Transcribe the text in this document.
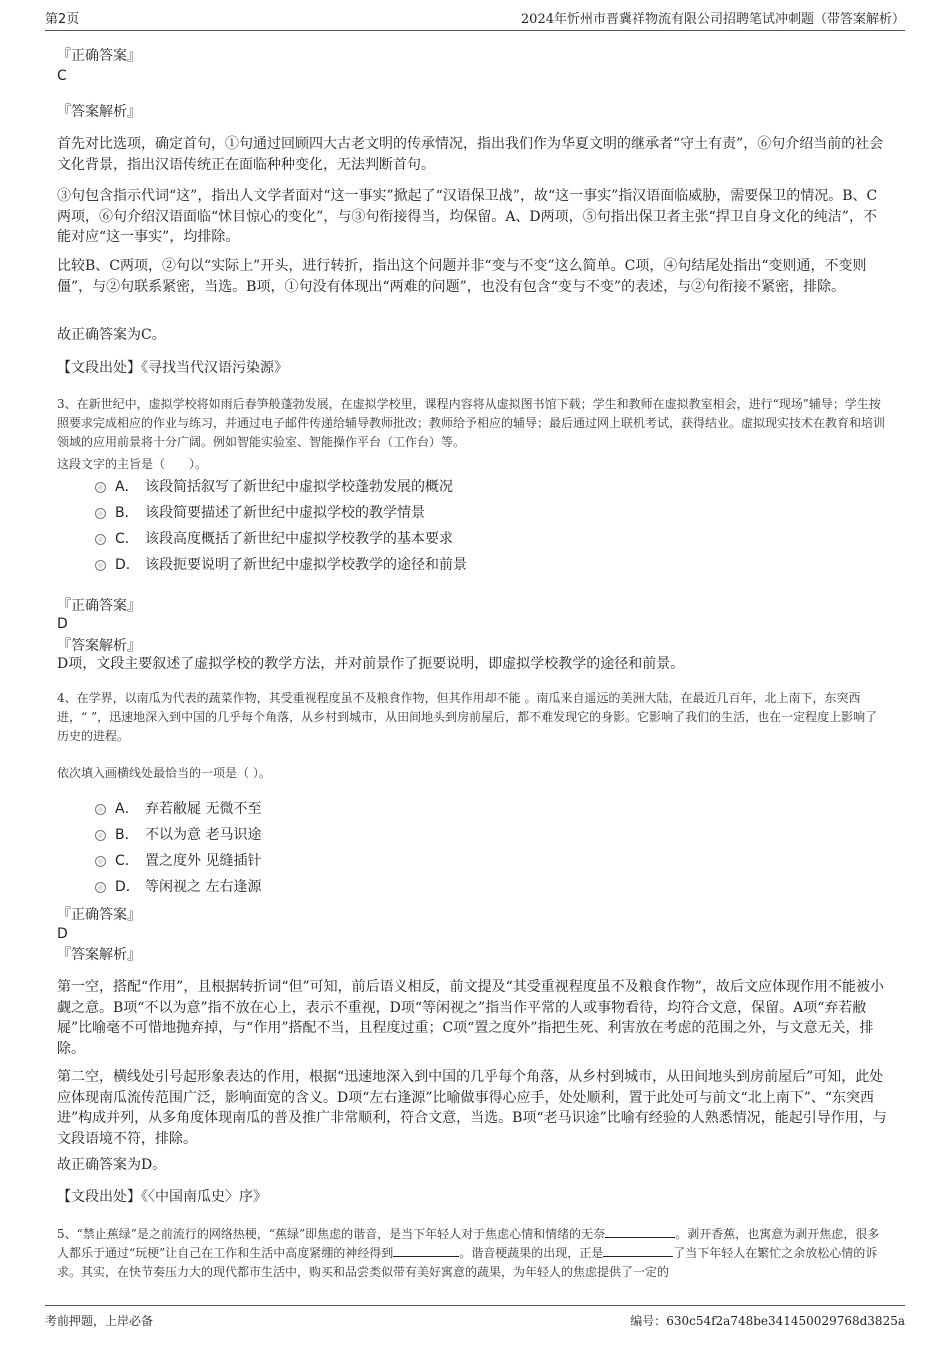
第2页	2024年忻州市晋冀祥物流有限公司招聘笔试冲刺题（带答案解析）
『正确答案』
C
『答案解析』
首先对比选项，确定首句，①句通过回顾四大古老文明的传承情况，指出我们作为华夏文明的继承者“守土有责”，⑥句介绍当前的社会文化背景，指出汉语传统正在面临种种变化，无法判断首句。
③句包含指示代词“这”，指出人文学者面对“这一事实”掀起了“汉语保卫战”，故“这一事实”指汉语面临威胁，需要保卫的情况。B、C两项，⑥句介绍汉语面临“怵目惊心的变化”，与③句衔接得当，均保留。A、D两项，⑤句指出保卫者主张“捍卫自身文化的纯洁”，不能对应“这一事实”，均排除。
比较B、C两项，②句以“实际上”开头，进行转折，指出这个问题并非“变与不变”这么简单。C项，④句结尾处指出“变则通，不变则僵”，与②句联系紧密，当选。B项，①句没有体现出“两难的问题”，也没有包含“变与不变”的表述，与②句衔接不紧密，排除。
故正确答案为C。
【文段出处】《寻找当代汉语污染源》
3、在新世纪中，虚拟学校将如雨后春笋般蓬勃发展，在虚拟学校里，课程内容将从虚拟图书馆下载；学生和教师在虚拟教室相会，进行“现场”辅导；学生按照要求完成相应的作业与练习，并通过电子邮件传递给辅导教师批改；教师给予相应的辅导；最后通过网上联机考试，获得结业。虚拟现实技术在教育和培训领域的应用前景将十分广阔。例如智能实验室、智能操作平台（工作台）等。
这段文字的主旨是（　　）。
A． 该段简括叙写了新世纪中虚拟学校蓬勃发展的概况
B． 该段简要描述了新世纪中虚拟学校的教学情景
C． 该段高度概括了新世纪中虚拟学校教学的基本要求
D． 该段扼要说明了新世纪中虚拟学校教学的途径和前景
『正确答案』
D
『答案解析』
D项，文段主要叙述了虚拟学校的教学方法，并对前景作了扼要说明，即虚拟学校教学的途径和前景。
4、在学界，以南瓜为代表的蔬菜作物，其受重视程度虽不及粮食作物，但其作用却不能 。南瓜来自遥远的美洲大陆，在最近几百年，北上南下，东突西进，“ ”，迅速地深入到中国的几乎每个角落，从乡村到城市，从田间地头到房前屋后，都不难发现它的身影。它影响了我们的生活，也在一定程度上影响了历史的进程。
依次填入画横线处最恰当的一项是（ ）。
A． 弃若敝屣 无微不至
B． 不以为意 老马识途
C． 置之度外 见缝插针
D． 等闲视之 左右逢源
『正确答案』
D
『答案解析』
第一空，搭配“作用”，且根据转折词“但”可知，前后语义相反，前文提及“其受重视程度虽不及粮食作物”，故后文应体现作用不能被小觑之意。B项“不以为意”指不放在心上，表示不重视，D项“等闲视之”指当作平常的人或事物看待，均符合文意，保留。A项“弃若敝屣”比喻毫不可惜地抛弃掉，与“作用”搭配不当，且程度过重；C项“置之度外”指把生死、利害放在考虑的范围之外，与文意无关，排除。
第二空，横线处引号起形象表达的作用，根据“迅速地深入到中国的几乎每个角落，从乡村到城市，从田间地头到房前屋后”可知，此处应体现南瓜流传范围广泛，影响面宽的含义。D项“左右逢源”比喻做事得心应手，处处顺利，置于此处可与前文“北上南下”、“东突西进”构成并列，从多角度体现南瓜的普及推广非常顺利，符合文意，当选。B项“老马识途”比喻有经验的人熟悉情况，能起引导作用，与文段语境不符，排除。
故正确答案为D。
【文段出处】《〈中国南瓜史〉序》
5、“禁止蕉绿”是之前流行的网络热梗，“蕉绿”即焦虑的谐音，是当下年轻人对于焦虑心情和情绪的无奈	。剥开香蕉，也寓意为剥开焦虑，很多人都乐于通过“玩梗”让自己在工作和生活中高度紧绷的神经得到	。谐音梗蔬果的出现，正是	了当下年轻人在繁忙之余放松心情的诉求。其实，在快节奏压力大的现代都市生活中，购买和品尝类似带有美好寓意的蔬果，为年轻人的焦虑提供了一定的
考前押题，上岸必备	编号：630c54f2a748be341450029768d3825a
